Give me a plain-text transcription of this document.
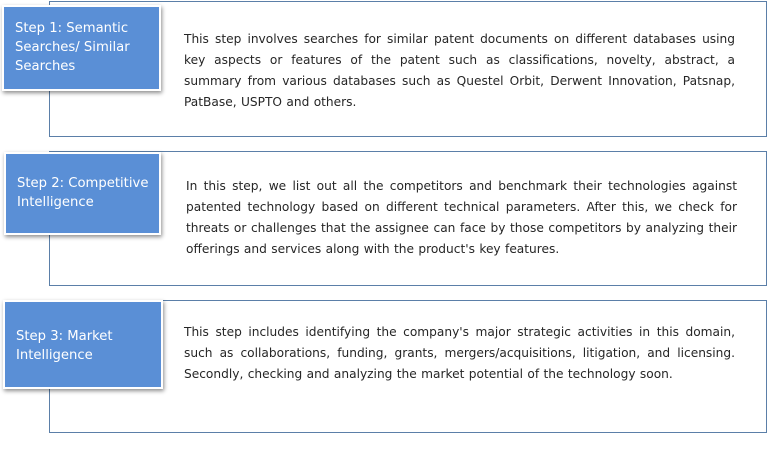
This step involves searches for similar patent documents on different databases using key aspects or features of the patent such as classifications, novelty, abstract, a summary from various databases such as Questel Orbit, Derwent Innovation, Patsnap, PatBase, USPTO and others.

Step 1: Semantic Searches/ Similar Searches

In this step, we list out all the competitors and benchmark their technologies against patented technology based on different technical parameters. After this, we check for threats or challenges that the assignee can face by those competitors by analyzing their offerings and services along with the product's key features.

Step 2: Competitive Intelligence

This step includes identifying the company's major strategic activities in this domain, such as collaborations, funding, grants, mergers/acquisitions, litigation, and licensing. Secondly, checking and analyzing the market potential of the technology soon.

Step 3: Market Intelligence
